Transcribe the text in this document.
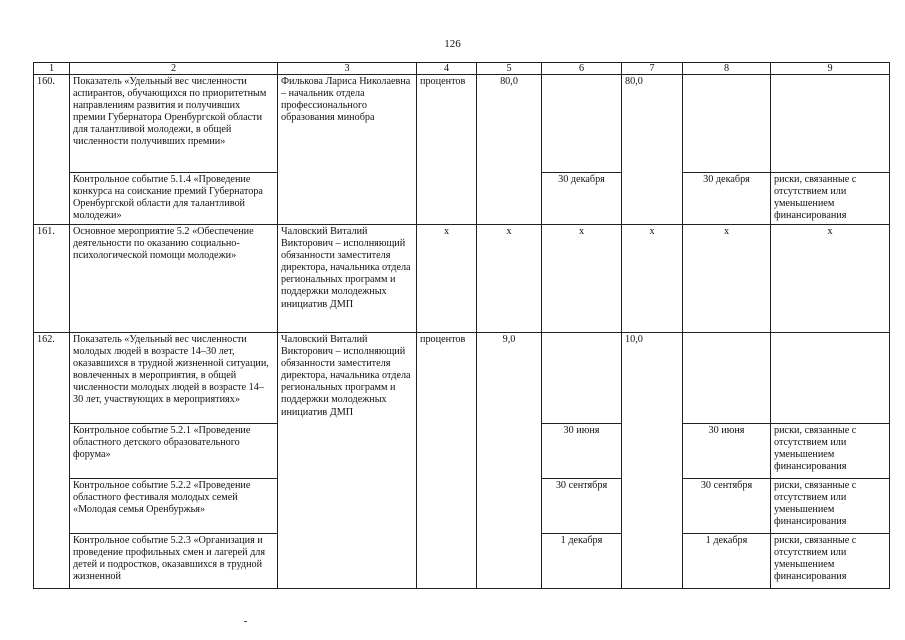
126
1	2	3	4	5	6	7	8	9
160.	Показатель «Удельный вес численности аспирантов, обучающихся по приоритетным направлениям развития и получивших премии Губернатора Оренбургской области для талантливой молодежи, в общей численности получивших премии»	Филькова Лариса Николаевна – начальник отдела профессионального образования минобра	процентов	80,0		80,0		
	Контрольное событие 5.1.4 «Проведение конкурса на соискание премий Губернатора Оренбургской области для талантливой молодежи»				30 декабря		30 декабря	риски, связанные с отсутствием или уменьшением финансирования
161.	Основное мероприятие 5.2 «Обеспечение деятельности по оказанию социально-психологической помощи молодежи»	Чаловский Виталий Викторович – исполняющий обязанности заместителя директора, начальника отдела региональных программ и поддержки молодежных инициатив ДМП	x	x	x	x	x	x
162.	Показатель «Удельный вес численности молодых людей в возрасте 14–30 лет, оказавшихся в трудной жизненной ситуации, вовлеченных в мероприятия, в общей численности молодых людей в возрасте 14–30 лет, участвующих в мероприятиях»	Чаловский Виталий Викторович – исполняющий обязанности заместителя директора, начальника отдела региональных программ и поддержки молодежных инициатив ДМП	процентов	9,0		10,0		
	Контрольное событие 5.2.1 «Проведение областного детского образовательного форума»				30 июня		30 июня	риски, связанные с отсутствием или уменьшением финансирования
	Контрольное событие 5.2.2 «Проведение областного фестиваля молодых семей «Молодая семья Оренбуржья»				30 сентября		30 сентября	риски, связанные с отсутствием или уменьшением финансирования
	Контрольное событие 5.2.3 «Организация и проведение профильных смен и лагерей для детей и подростков, оказавшихся в трудной жизненной				1 декабря		1 декабря	риски, связанные с отсутствием или уменьшением финансирования
